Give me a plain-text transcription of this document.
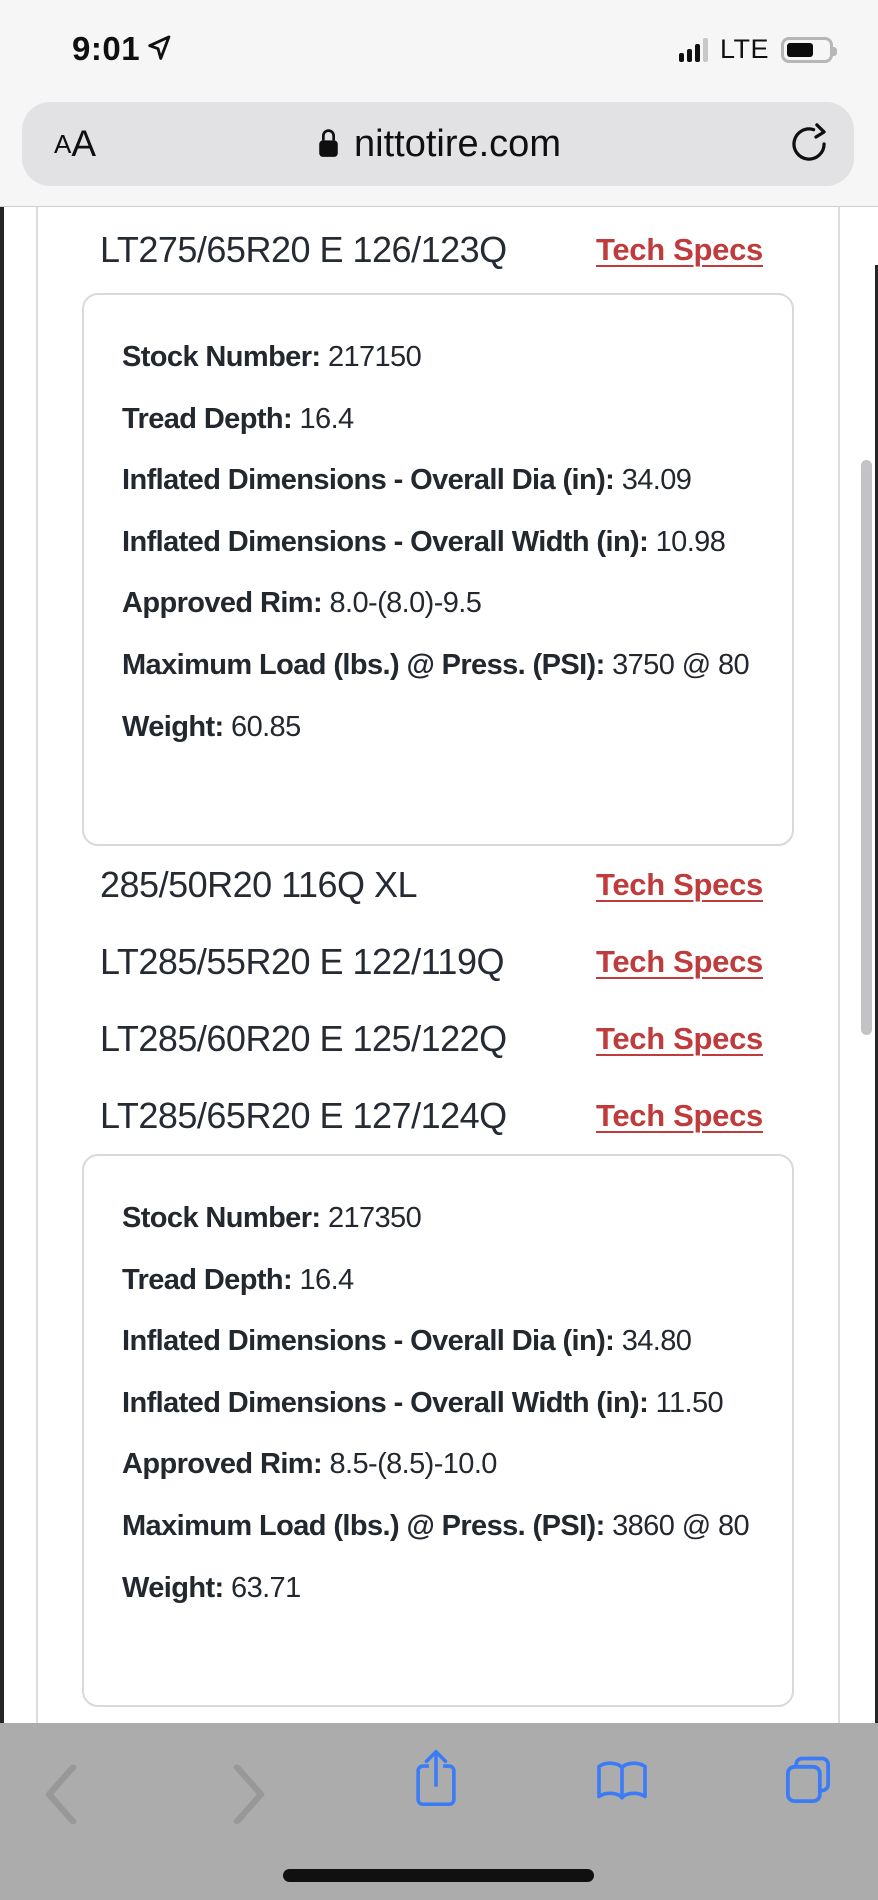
9:01	LTE
A A	nittotire.com
LT275/65R20 E 126/123Q	Tech Specs

Stock Number: 217150

Tread Depth: 16.4

Inflated Dimensions - Overall Dia (in): 34.09

Inflated Dimensions - Overall Width (in): 10.98

Approved Rim: 8.0-(8.0)-9.5

Maximum Load (lbs.) @ Press. (PSI): 3750 @ 80

Weight: 60.85

285/50R20 116Q XL	Tech Specs
LT285/55R20 E 122/119Q	Tech Specs
LT285/60R20 E 125/122Q	Tech Specs
LT285/65R20 E 127/124Q	Tech Specs

Stock Number: 217350

Tread Depth: 16.4

Inflated Dimensions - Overall Dia (in): 34.80

Inflated Dimensions - Overall Width (in): 11.50

Approved Rim: 8.5-(8.5)-10.0

Maximum Load (lbs.) @ Press. (PSI): 3860 @ 80

Weight: 63.71
